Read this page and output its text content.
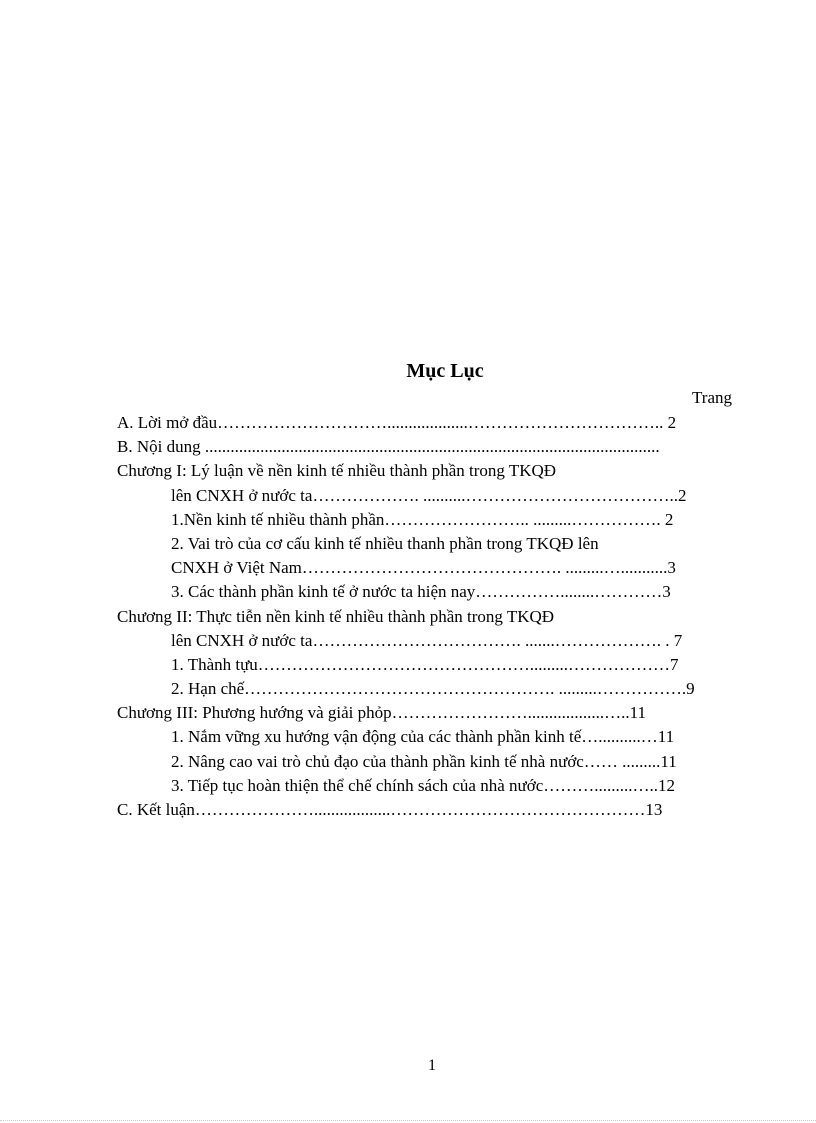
Mục Lục
Trang
A. Lời mở đầu…………………………...................…………………………….. 2
B. Nội dung ...........................................................................................................
Chương I: Lý luận về nền kinh tế nhiều thành phần trong TKQĐ
lên CNXH ở nước ta………………. ..........………………………………..2
1.Nền kinh tế nhiều thành phần…………………….. .........……………. 2
2. Vai trò của cơ cấu kinh tế nhiều thanh phần trong TKQĐ lên
CNXH ở Việt Nam………………………………………. .........…...........3
3. Các thành phần kinh tế ở nước ta hiện nay……………........…………3
Chương II: Thực tiễn nền kinh tế nhiều thành phần trong TKQĐ
lên CNXH ở nước ta………………………………. .......………………. . 7
1. Thành tựu………………………………………….........………………7
2. Hạn chế………………………………………………. .........…………….9
Chương III: Phương hướng và giải phỏp……………………..................…..11
1. Nắm vững xu hướng vận động của các thành phần kinh tế…..........…11
2. Nâng cao vai trò chủ đạo của thành phần kinh tế nhà nước…… .........11
3. Tiếp tục hoàn thiện thể chế chính sách của nhà nước……….........…..12
C. Kết luận…………………..................………………………………………13
1
